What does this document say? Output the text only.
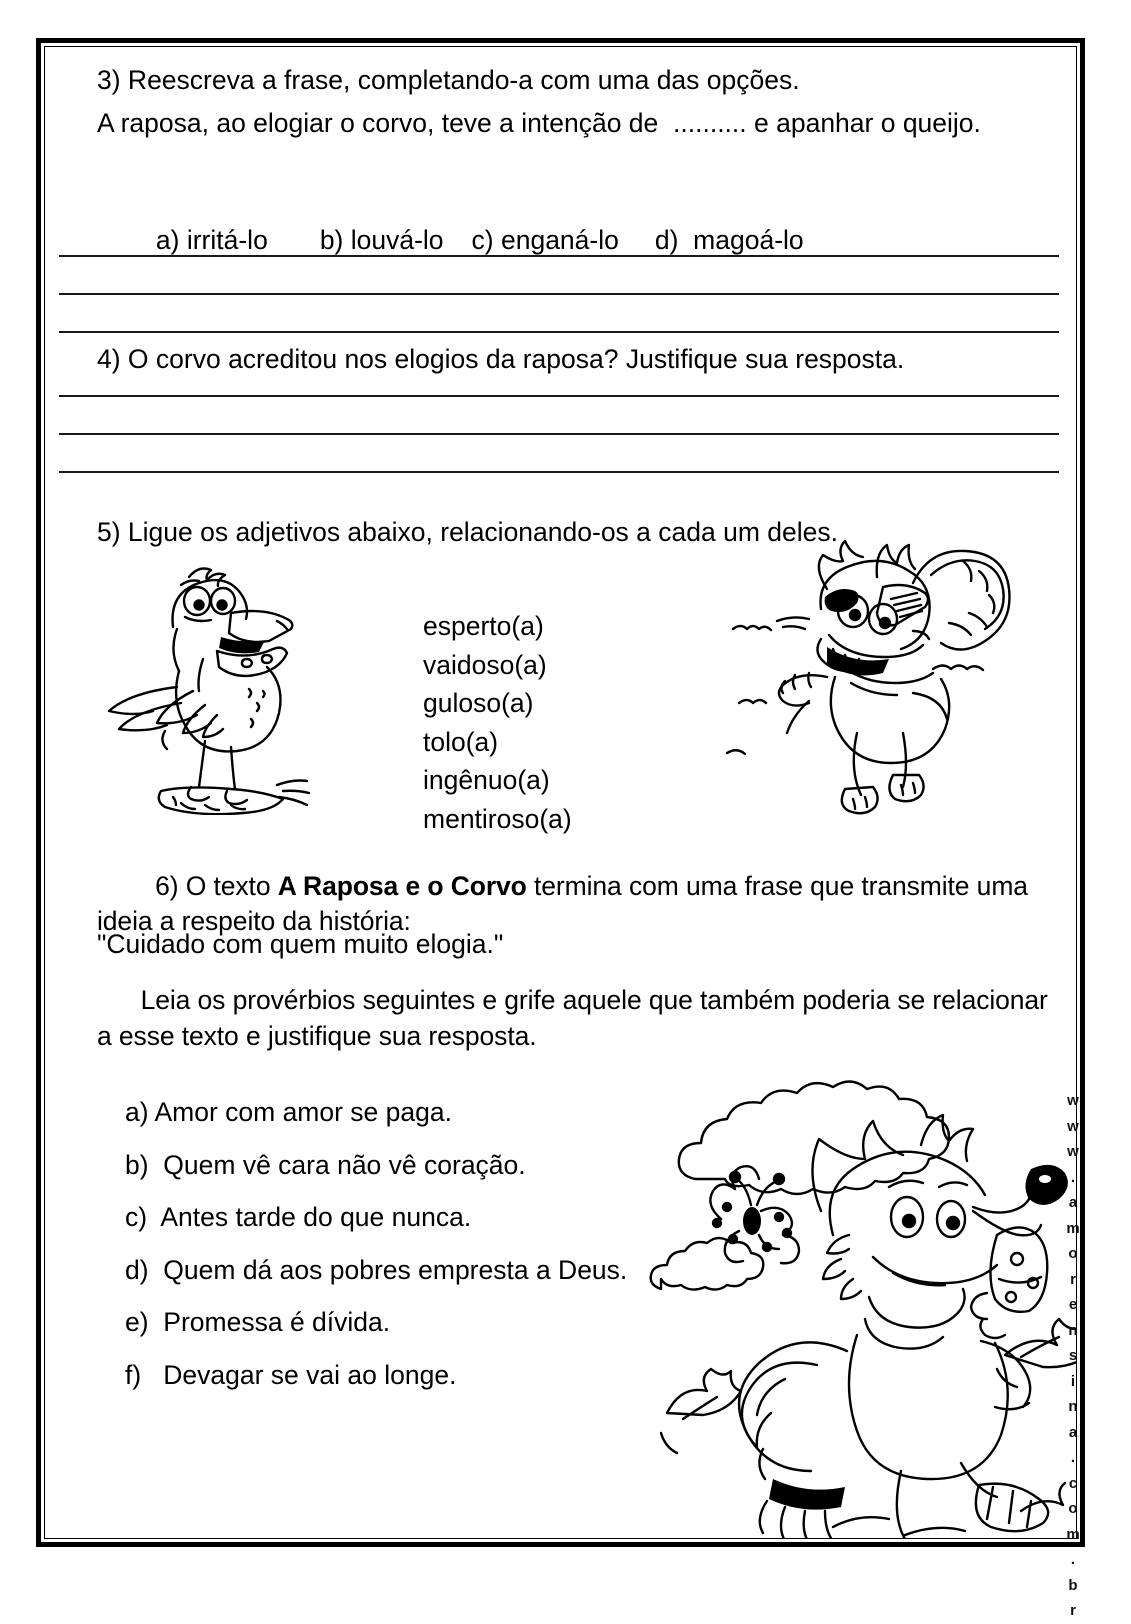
3) Reescreva a frase, completando-a com uma das opções.
A raposa, ao elogiar o corvo, teve a intenção de  .......... e apanhar o queijo.

a) irritá-lo b) louvá-lo c) enganá-lo d)  magoá-lo

4) O corvo acreditou nos elogios da raposa? Justifique sua resposta.
5) Ligue os adjetivos abaixo, relacionando-os a cada um deles.
esperto(a)
vaidoso(a)
guloso(a)
tolo(a)
ingênuo(a)
mentiroso(a)

6) O texto A Raposa e o Corvo termina com uma frase que transmite uma ideia a respeito da história:

"Cuidado com quem muito elogia."
Leia os provérbios seguintes e grife aquele que também poderia se relacionar a esse texto e justifique sua resposta.
a) Amor com amor se paga.
b)  Quem vê cara não vê coração.
c)  Antes tarde do que nunca.
d)  Quem dá aos pobres empresta a Deus.
e)  Promessa é dívida.
f)   Devagar se vai ao longe.
w
w
w
.
a
m
o
r
e
n
s
i
n
a
.
c
o
m
.
b
r
